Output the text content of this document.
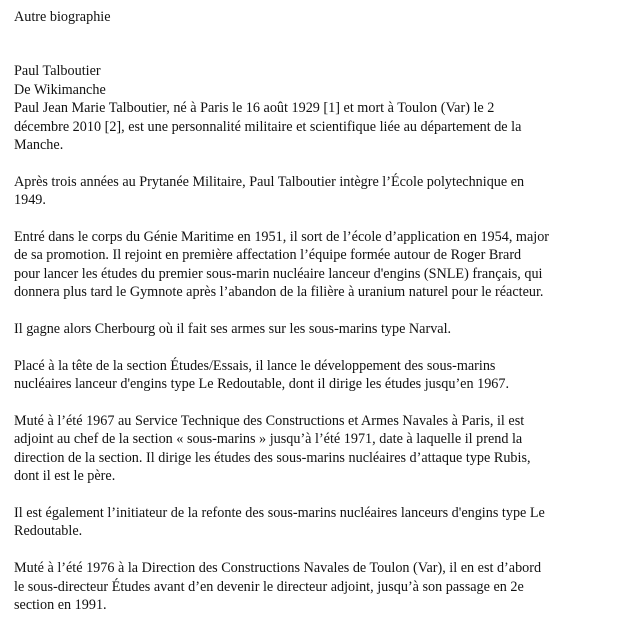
Autre biographie
Paul Talboutier
De Wikimanche
Paul Jean Marie Talboutier, né à Paris le 16 août 1929 [1] et mort à Toulon (Var) le 2
décembre 2010 [2], est une personnalité militaire et scientifique liée au département de la
Manche.
Après trois années au Prytanée Militaire, Paul Talboutier intègre l’École polytechnique en
1949.
Entré dans le corps du Génie Maritime en 1951, il sort de l’école d’application en 1954, major
de sa promotion. Il rejoint en première affectation l’équipe formée autour de Roger Brard
pour lancer les études du premier sous-marin nucléaire lanceur d'engins (SNLE) français, qui
donnera plus tard le Gymnote après l’abandon de la filière à uranium naturel pour le réacteur.
Il gagne alors Cherbourg où il fait ses armes sur les sous-marins type Narval.
Placé à la tête de la section Études/Essais, il lance le développement des sous-marins
nucléaires lanceur d'engins type Le Redoutable, dont il dirige les études jusqu’en 1967.
Muté à l’été 1967 au Service Technique des Constructions et Armes Navales à Paris, il est
adjoint au chef de la section « sous-marins » jusqu’à l’été 1971, date à laquelle il prend la
direction de la section. Il dirige les études des sous-marins nucléaires d’attaque type Rubis,
dont il est le père.
Il est également l’initiateur de la refonte des sous-marins nucléaires lanceurs d'engins type Le
Redoutable.
Muté à l’été 1976 à la Direction des Constructions Navales de Toulon (Var), il en est d’abord
le sous-directeur Études avant d’en devenir le directeur adjoint, jusqu’à son passage en 2e
section en 1991.
